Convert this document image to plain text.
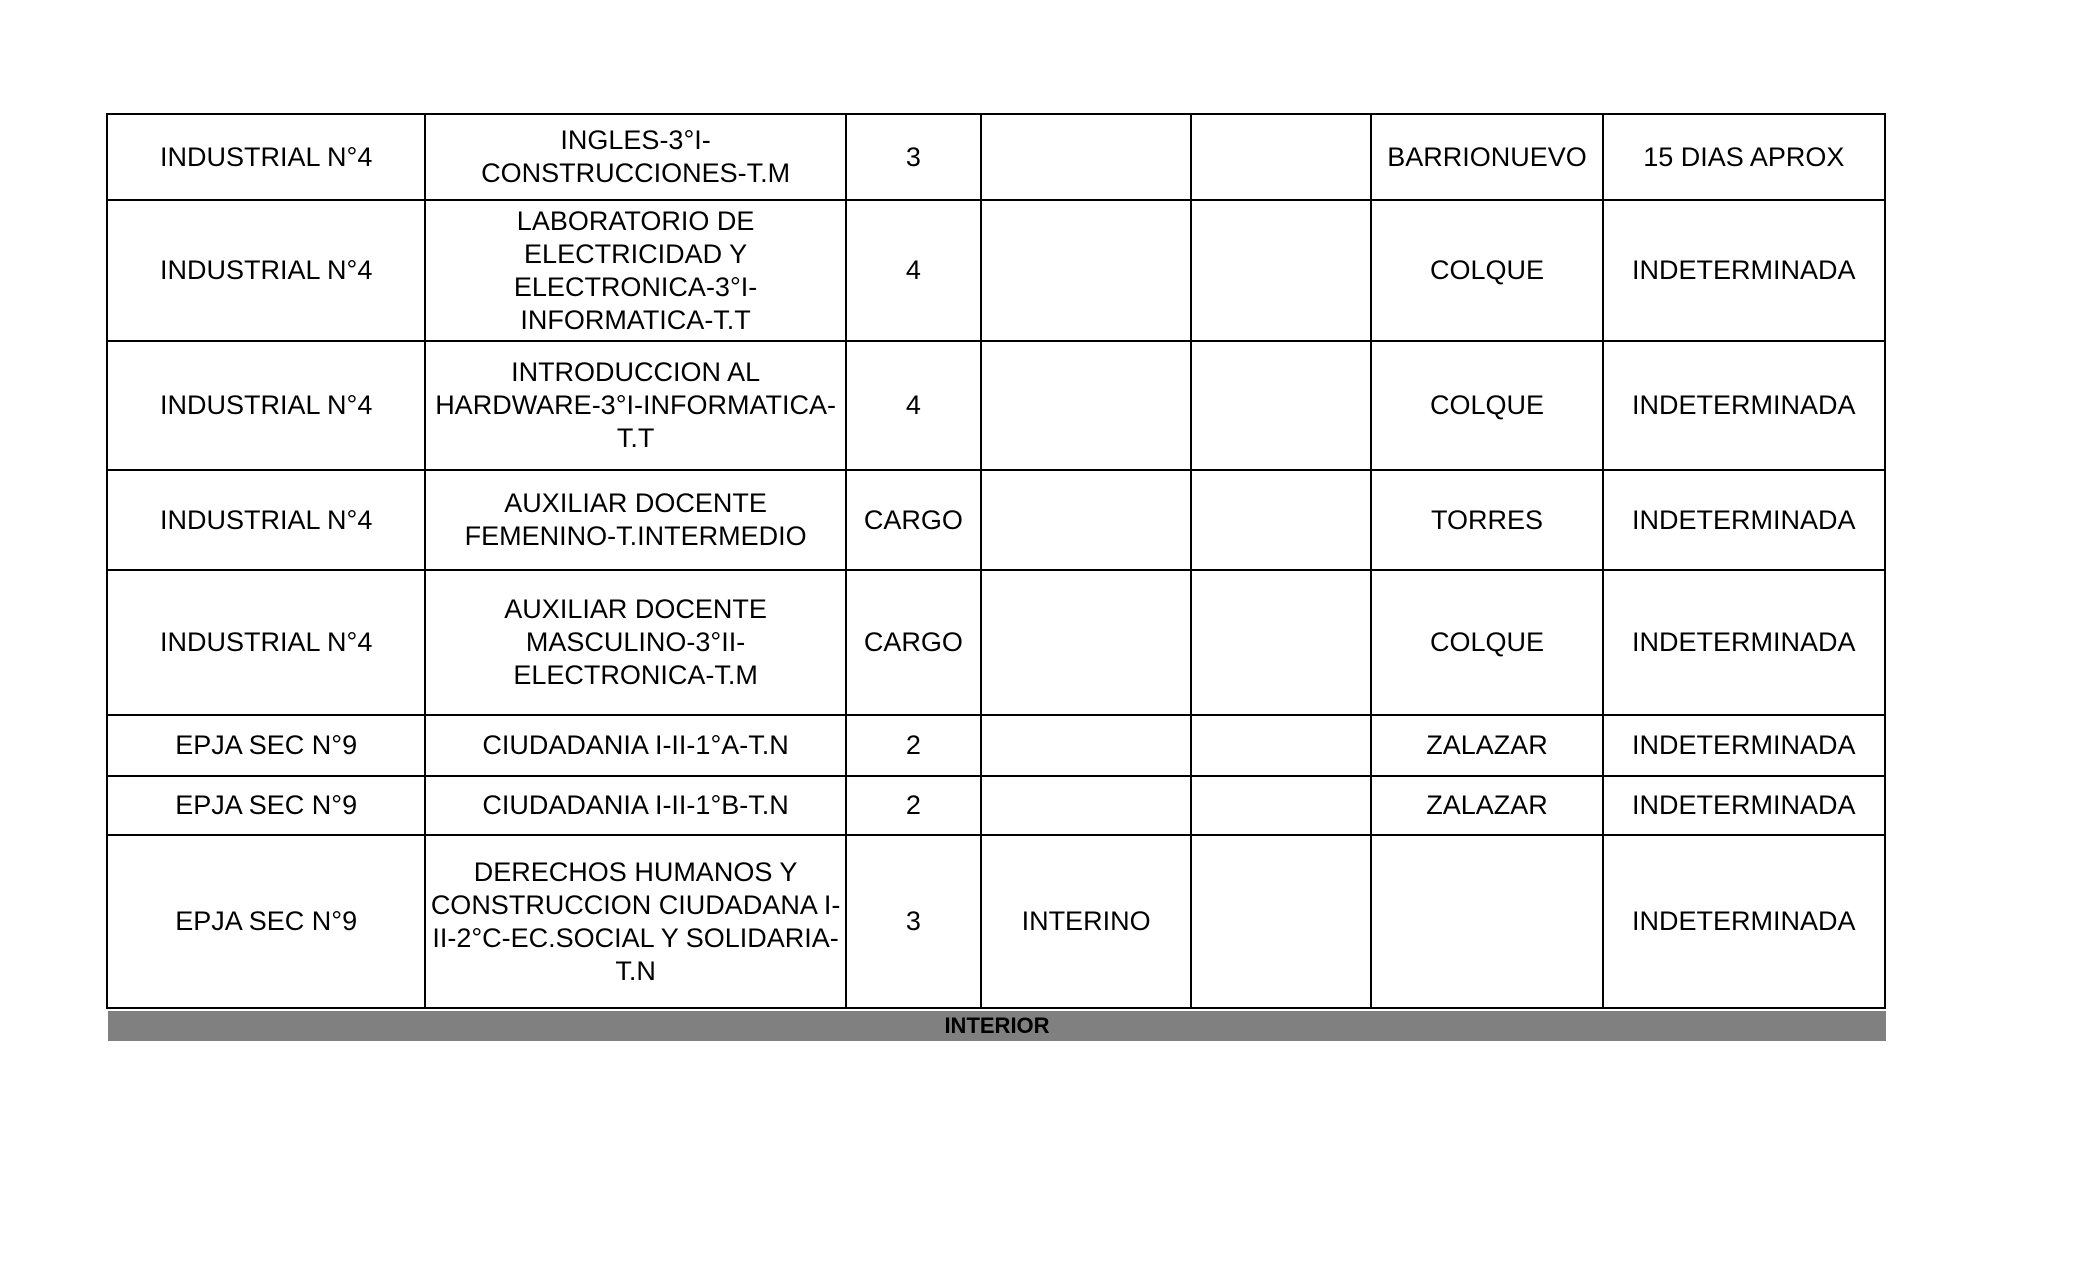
INDUSTRIAL N°4	INGLES-3°I-CONSTRUCCIONES-T.M	3			BARRIONUEVO	15 DIAS APROX
INDUSTRIAL N°4	LABORATORIO DE ELECTRICIDAD Y ELECTRONICA-3°I-INFORMATICA-T.T	4			COLQUE	INDETERMINADA
INDUSTRIAL N°4	INTRODUCCION AL HARDWARE-3°I-INFORMATICA-T.T	4			COLQUE	INDETERMINADA
INDUSTRIAL N°4	AUXILIAR DOCENTE FEMENINO-T.INTERMEDIO	CARGO			TORRES	INDETERMINADA
INDUSTRIAL N°4	AUXILIAR DOCENTE MASCULINO-3°II-ELECTRONICA-T.M	CARGO			COLQUE	INDETERMINADA
EPJA SEC N°9	CIUDADANIA I-II-1°A-T.N	2			ZALAZAR	INDETERMINADA
EPJA SEC N°9	CIUDADANIA I-II-1°B-T.N	2			ZALAZAR	INDETERMINADA
EPJA SEC N°9	DERECHOS HUMANOS Y CONSTRUCCION CIUDADANA I-II-2°C-EC.SOCIAL Y SOLIDARIA-T.N	3	INTERINO			INDETERMINADA
INTERIOR
